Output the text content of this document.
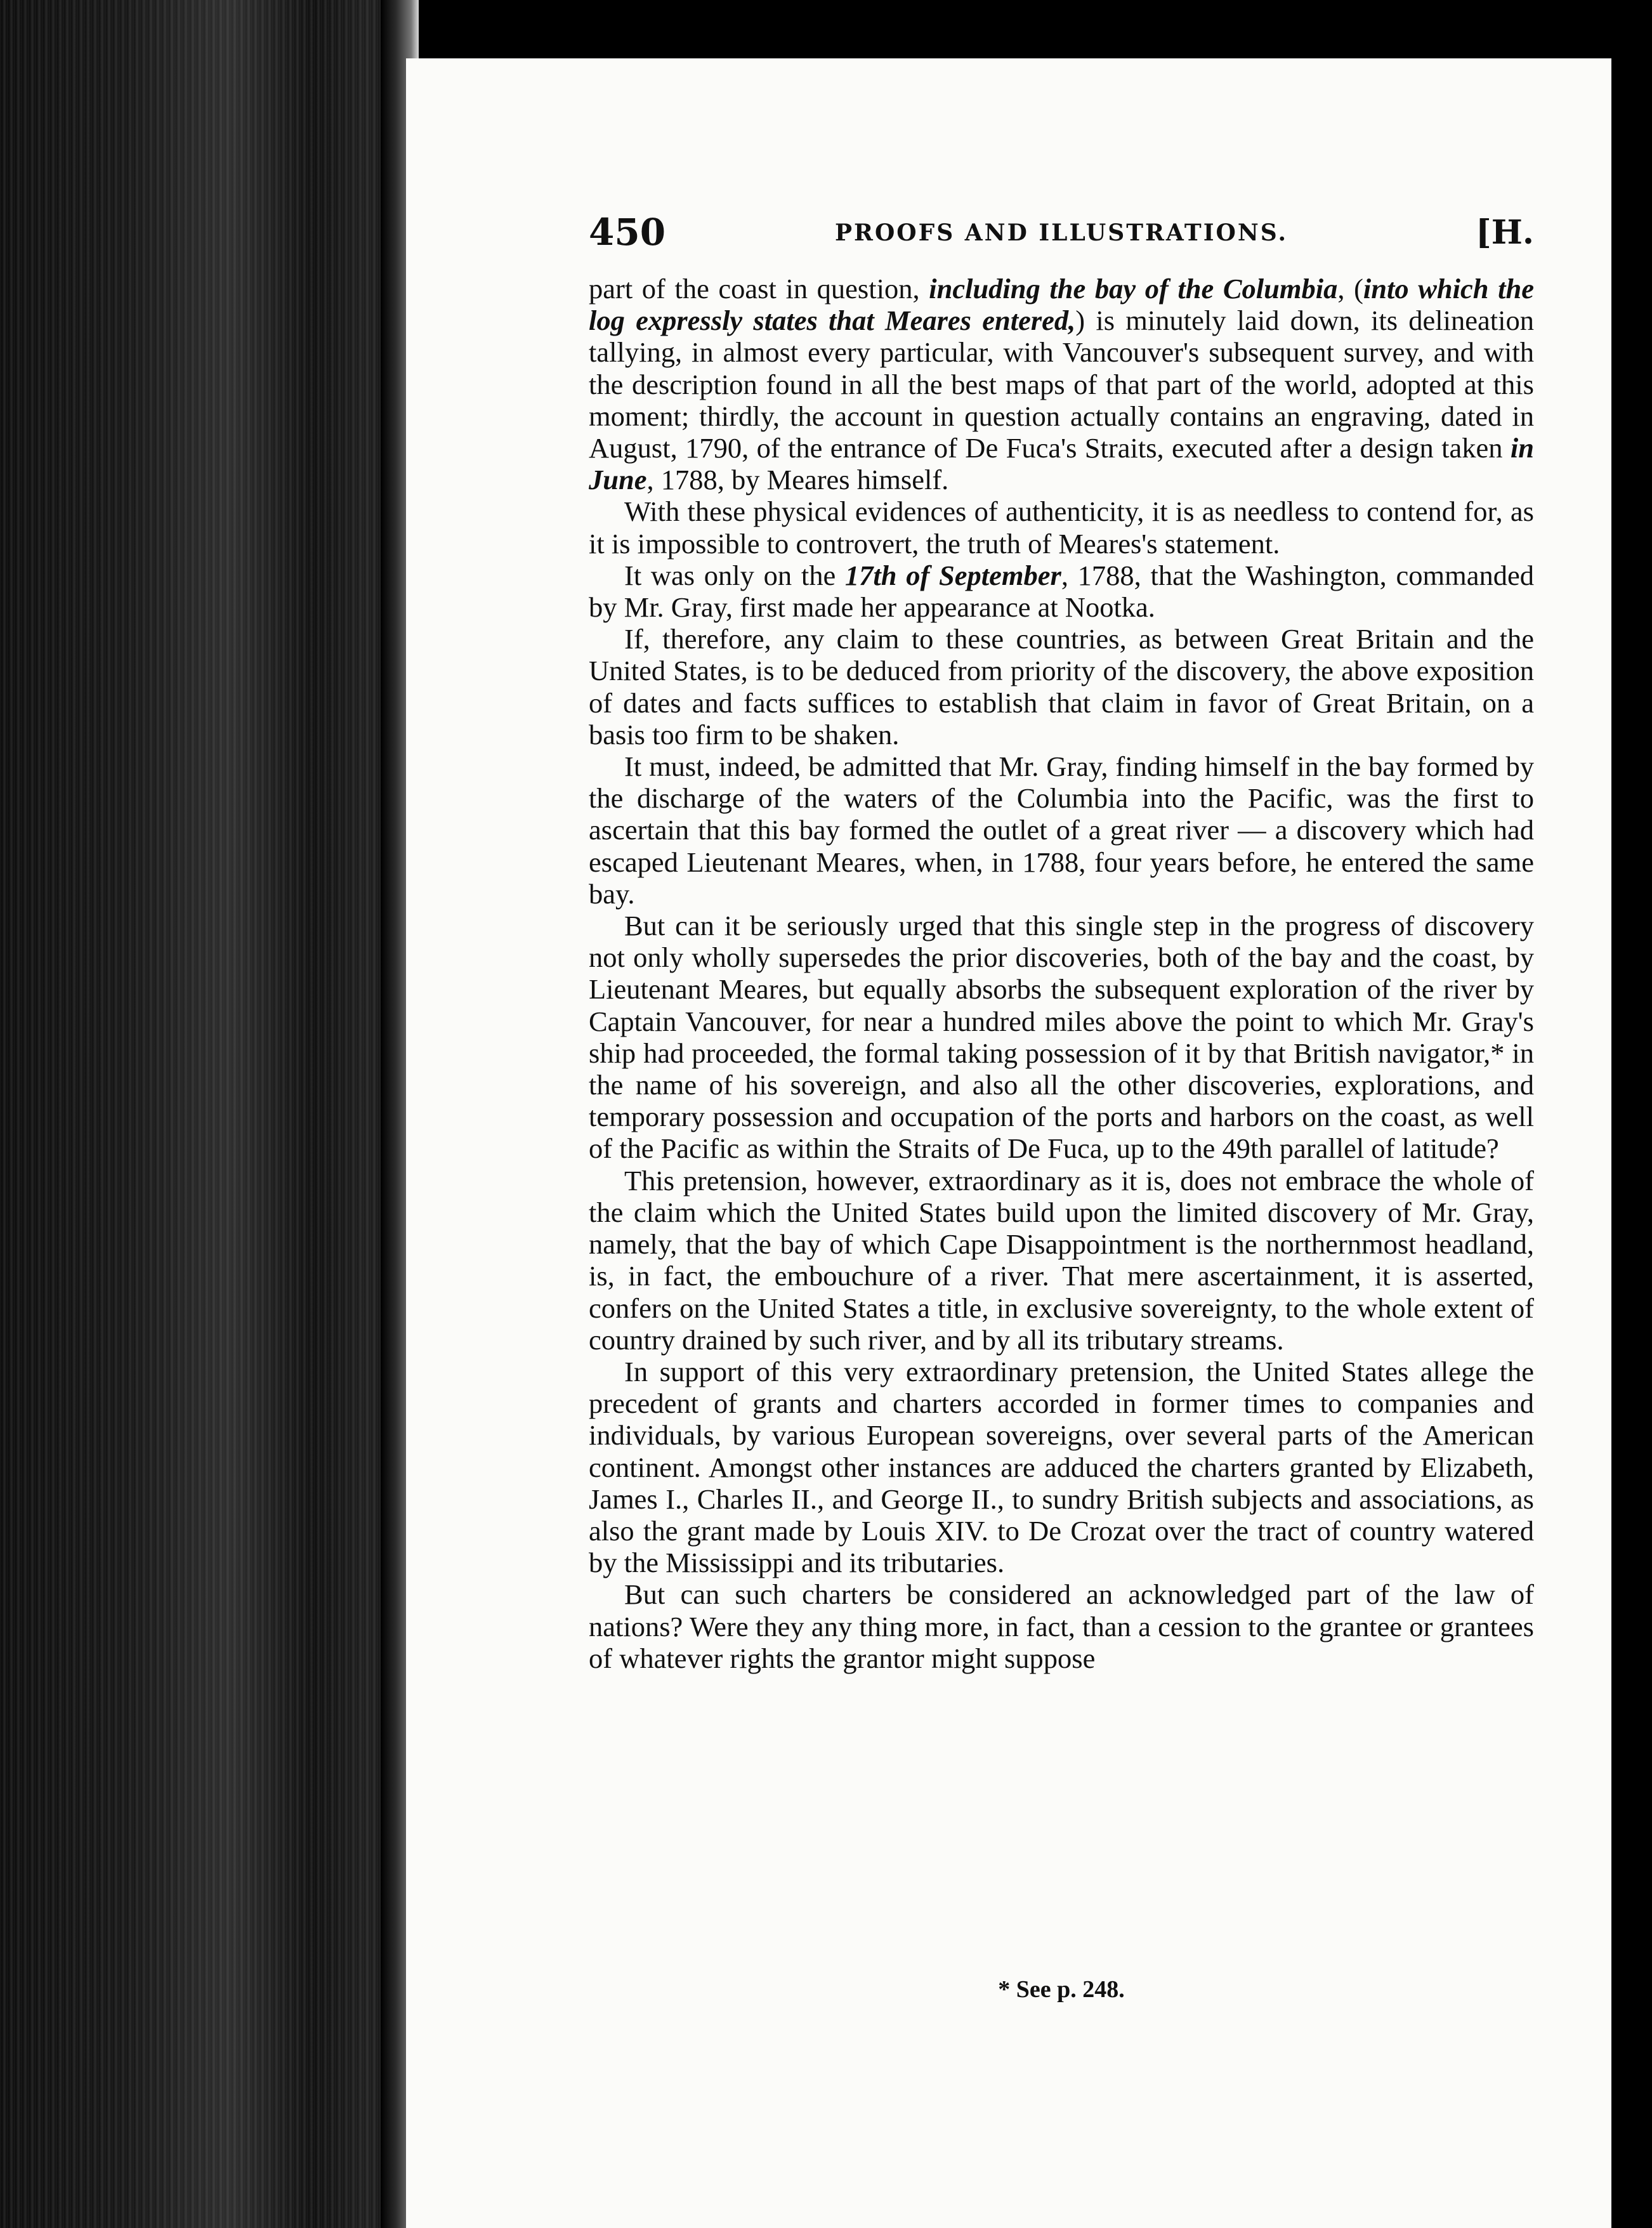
450	PROOFS AND ILLUSTRATIONS.	[H.

part of the coast in question, including the bay of the Columbia, (into which the log expressly states that Meares entered,) is minutely laid down, its delineation tallying, in almost every particular, with Vancouver's subsequent survey, and with the description found in all the best maps of that part of the world, adopted at this moment; thirdly, the account in question actually contains an engraving, dated in August, 1790, of the entrance of De Fuca's Straits, executed after a design taken in June, 1788, by Meares himself.

With these physical evidences of authenticity, it is as needless to contend for, as it is impossible to controvert, the truth of Meares's statement.

It was only on the 17th of September, 1788, that the Washington, commanded by Mr. Gray, first made her appearance at Nootka.

If, therefore, any claim to these countries, as between Great Britain and the United States, is to be deduced from priority of the discovery, the above exposition of dates and facts suffices to establish that claim in favor of Great Britain, on a basis too firm to be shaken.

It must, indeed, be admitted that Mr. Gray, finding himself in the bay formed by the discharge of the waters of the Columbia into the Pacific, was the first to ascertain that this bay formed the outlet of a great river — a discovery which had escaped Lieutenant Meares, when, in 1788, four years before, he entered the same bay.

But can it be seriously urged that this single step in the progress of discovery not only wholly supersedes the prior discoveries, both of the bay and the coast, by Lieutenant Meares, but equally absorbs the subsequent exploration of the river by Captain Vancouver, for near a hundred miles above the point to which Mr. Gray's ship had proceeded, the formal taking possession of it by that British navigator,* in the name of his sovereign, and also all the other discoveries, explorations, and temporary possession and occupation of the ports and harbors on the coast, as well of the Pacific as within the Straits of De Fuca, up to the 49th parallel of latitude?

This pretension, however, extraordinary as it is, does not embrace the whole of the claim which the United States build upon the limited discovery of Mr. Gray, namely, that the bay of which Cape Disappointment is the northernmost headland, is, in fact, the embouchure of a river. That mere ascertainment, it is asserted, confers on the United States a title, in exclusive sovereignty, to the whole extent of country drained by such river, and by all its tributary streams.

In support of this very extraordinary pretension, the United States allege the precedent of grants and charters accorded in former times to companies and individuals, by various European sovereigns, over several parts of the American continent. Amongst other instances are adduced the charters granted by Elizabeth, James I., Charles II., and George II., to sundry British subjects and associations, as also the grant made by Louis XIV. to De Crozat over the tract of country watered by the Mississippi and its tributaries.

But can such charters be considered an acknowledged part of the law of nations? Were they any thing more, in fact, than a cession to the grantee or grantees of whatever rights the grantor might suppose

* See p. 248.
